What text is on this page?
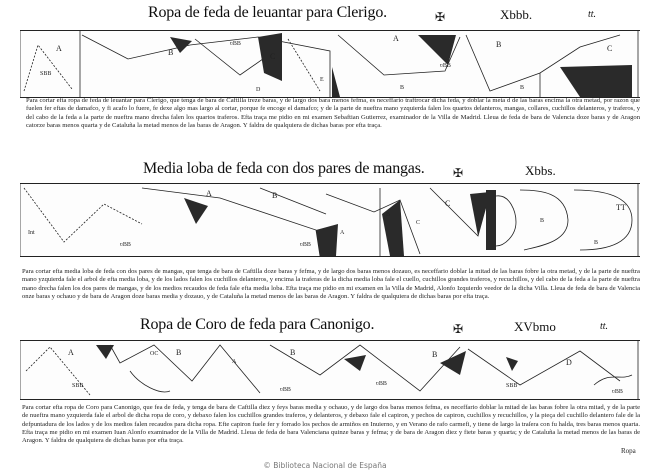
Ropa de feda de leuantar para Clerigo.	✠	Xbbb.	tt.
A	B	C
A
B	C
SBB
ʋBB
D
E
ʋBB
B	B
Para cortar efta ropa de feda de leuantar para Clerigo, que tenga de bara de Caftilla treze baras, y de largo dos bara menos fefma, es neceffario traftrocar dicha feda, y doblar la meta d de las baras encima la otra metad, por razon que fuelen fer eftas de damafco, y fi acafo lo fuere, fe dexe algo mas largo al cortar, porque fe encoge el damafco; y de la parte de nueftra mano yzquierda falen los quartos delanteros, mangas, collares, cuchillos delanteros, y traferos, y del cabo de la feda a la parte de nueftra mano drecha falen los quartos traferos. Efta traça me pidio en mi examen Sebaftian Gutierrez, examinador de la Villa de Madrid. Lleua de feda de bara de Valencia doze baras y de Aragon catorze baras menos quarta y de Cataluña la metad menos de las baras de Aragon. Y faldra de qualquiera de dichas baras por efta traça.
Media loba de feda con dos pares de mangas. ✠	Xbbs.
A	B
C	TT
Int
ʋBB	ʋBB
A
B
C	B
B
Para cortar efta media loba de feda con dos pares de mangas, que tenga de bara de Caftilla doze baras y fefma, y de largo dos baras menos dozauo, es neceffario doblar la mitad de las baras fobre la otra metad, y de la parte de nueftra mano yzquierda fale el arbol de efta media loba, y de los lados falen los cuchillos delanteros, y encima la traferas de la dicha media loba fale el cuello, cuchillos grandes traferos, y recuchillos, y del cabo de la feda a la parte de nueftra mano drecha falen los dos pares de mangas, y de los medios recaudos de feda fale efta media loba. Efta traça me pidio en mi examen en la Villa de Madrid, Alonfo Izquierdo veedor de la dicha Villa. Lleua de feda de bara de Valencia onze baras y ochauo y de bara de Aragon doze baras media y dozauo, y de Cataluña la metad menos de las baras de Aragon. Y faldra de qualquiera de dichas baras por efta traça.
Ropa de Coro de feda para Canonigo.	✠	XVbmo	tt.
A	B	B	B
D
SBB
OC
A
ʋBB
ʋBB	SBB
ʋBB
Para cortar efta ropa de Coro para Canonigo, que fea de feda, y tenga de bara de Caftilla diez y feys baras media y ochauo, y de largo dos baras menos fefma, es neceffario doblar la mitad de las baras fobre la otra mitad, y de la parte de nueftra mano yzquierda fale el arbol de dicha ropa de coro, y debaxo falen los cuchillos grandes traferos, y delanteros, y debaxo fale el capiron, y pechos de capiron, cuchillos y recuchillos, y la pieça del cuchillo delantero fale de la defpuntadura de los lados y de los medios falen recaudos para dicha ropa. Efte capiron fuele fer y forrado los pechos de armiños en Inuierno, y en Verano de rafo carmefi, y tiene de largo la traſera con fu halda, tres baras menos quarta. Efta traça me pidio en mi examen Iuan Alonfo examinador de la Villa de Madrid. Lleua de feda de bara Valenciana quinze baras y fefma; y de bara de Aragon diez y fiete baras y quarta; y de Cataluña la metad menos de las baras de Aragon. Y faldra de qualquiera de dichas baras por efta traça.
Ropa
© Biblioteca Nacional de España
